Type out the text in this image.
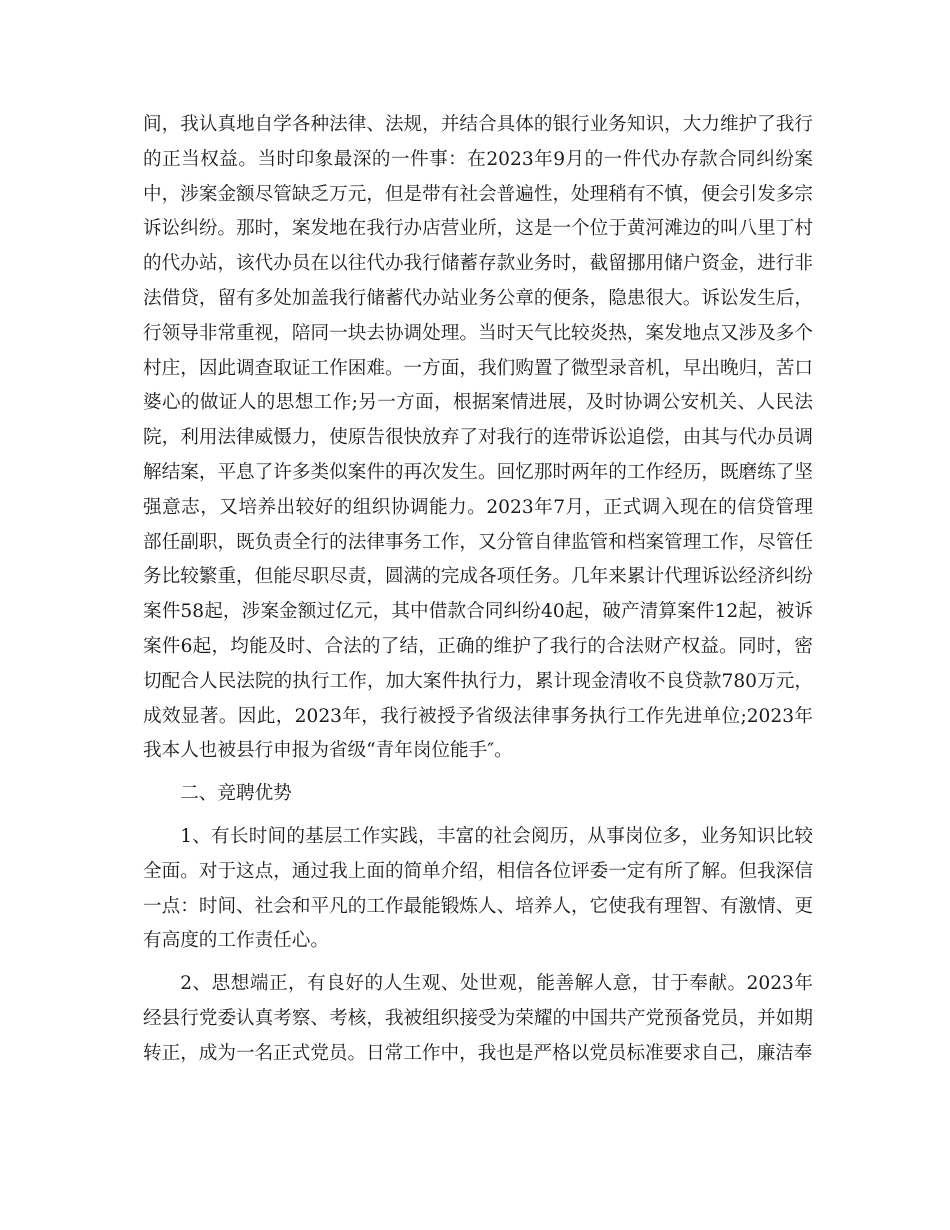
间，我认真地自学各种法律、法规，并结合具体的银行业务知识，大力维护了我行的正当权益。当时印象最深的一件事：在2023年9月的一件代办存款合同纠纷案中，涉案金额尽管缺乏万元，但是带有社会普遍性，处理稍有不慎，便会引发多宗诉讼纠纷。那时，案发地在我行办店营业所，这是一个位于黄河滩边的叫八里丁村的代办站，该代办员在以往代办我行储蓄存款业务时，截留挪用储户资金，进行非法借贷，留有多处加盖我行储蓄代办站业务公章的便条，隐患很大。诉讼发生后，行领导非常重视，陪同一块去协调处理。当时天气比较炎热，案发地点又涉及多个村庄，因此调查取证工作困难。一方面，我们购置了微型录音机，早出晚归，苦口婆心的做证人的思想工作;另一方面，根据案情进展，及时协调公安机关、人民法院，利用法律威慑力，使原告很快放弃了对我行的连带诉讼追偿，由其与代办员调解结案，平息了许多类似案件的再次发生。回忆那时两年的工作经历，既磨练了坚强意志，又培养出较好的组织协调能力。2023年7月，正式调入现在的信贷管理部任副职，既负责全行的法律事务工作，又分管自律监管和档案管理工作，尽管任务比较繁重，但能尽职尽责，圆满的完成各项任务。几年来累计代理诉讼经济纠纷案件58起，涉案金额过亿元，其中借款合同纠纷40起，破产清算案件12起，被诉案件6起，均能及时、合法的了结，正确的维护了我行的合法财产权益。同时，密切配合人民法院的执行工作，加大案件执行力，累计现金清收不良贷款780万元，成效显著。因此，2023年，我行被授予省级法律事务执行工作先进单位;2023年我本人也被县行申报为省级“青年岗位能手″。

二、竞聘优势

1、有长时间的基层工作实践，丰富的社会阅历，从事岗位多，业务知识比较全面。对于这点，通过我上面的简单介绍，相信各位评委一定有所了解。但我深信一点：时间、社会和平凡的工作最能锻炼人、培养人，它使我有理智、有激情、更有高度的工作责任心。

2、思想端正，有良好的人生观、处世观，能善解人意，甘于奉献。2023年经县行党委认真考察、考核，我被组织接受为荣耀的中国共产党预备党员，并如期转正，成为一名正式党员。日常工作中，我也是严格以党员标准要求自己，廉洁奉
